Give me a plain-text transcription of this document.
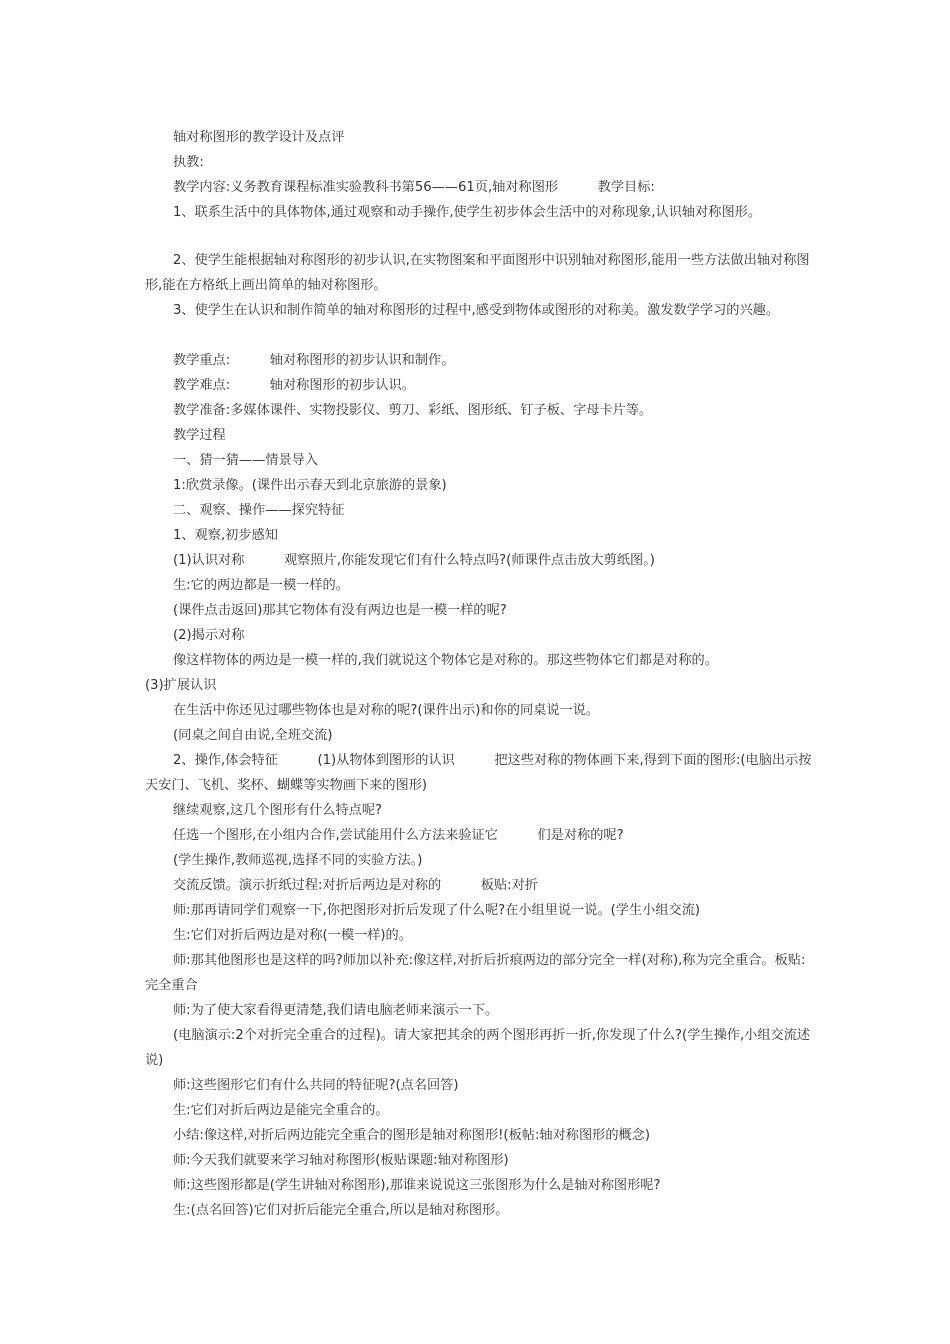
轴对称图形的教学设计及点评

执教:

教学内容:义务教育课程标准实验教科书第56——61页,轴对称图形　　　教学目标:

1、联系生活中的具体物体,通过观察和动手操作,使学生初步体会生活中的对称现象,认识轴对称图形。

2、使学生能根据轴对称图形的初步认识,在实物图案和平面图形中识别轴对称图形,能用一些方法做出轴对称图形,能在方格纸上画出简单的轴对称图形。

3、使学生在认识和制作简单的轴对称图形的过程中,感受到物体或图形的对称美。激发数学学习的兴趣。

教学重点:　　　轴对称图形的初步认识和制作。

教学难点:　　　轴对称图形的初步认识。

教学准备:多媒体课件、实物投影仪、剪刀、彩纸、图形纸、钉子板、字母卡片等。

教学过程

一、猜一猜——情景导入

1:欣赏录像。(课件出示春天到北京旅游的景象)

二、观察、操作——探究特征

1、观察,初步感知

(1)认识对称　　　观察照片,你能发现它们有什么特点吗?(师课件点击放大剪纸图。)

生:它的两边都是一模一样的。

(课件点击返回)那其它物体有没有两边也是一模一样的呢?

(2)揭示对称

像这样物体的两边是一模一样的,我们就说这个物体它是对称的。那这些物体它们都是对称的。

(3)扩展认识

在生活中你还见过哪些物体也是对称的呢?(课件出示)和你的同桌说一说。

(同桌之间自由说,全班交流)

2、操作,体会特征　　　(1)从物体到图形的认识　　　把这些对称的物体画下来,得到下面的图形:(电脑出示按天安门、飞机、奖杯、蝴蝶等实物画下来的图形)

继续观察,这几个图形有什么特点呢?

任选一个图形,在小组内合作,尝试能用什么方法来验证它　　　们是对称的呢?

(学生操作,教师巡视,选择不同的实验方法。)

交流反馈。演示折纸过程:对折后两边是对称的　　　板贴:对折

师:那再请同学们观察一下,你把图形对折后发现了什么呢?在小组里说一说。(学生小组交流)

生:它们对折后两边是对称(一模一样)的。

师:那其他图形也是这样的吗?师加以补充:像这样,对折后折痕两边的部分完全一样(对称),称为完全重合。板贴:完全重合

师:为了使大家看得更清楚,我们请电脑老师来演示一下。

(电脑演示:2个对折完全重合的过程)。请大家把其余的两个图形再折一折,你发现了什么?(学生操作,小组交流述说)

师:这些图形它们有什么共同的特征呢?(点名回答)

生:它们对折后两边是能完全重合的。

小结:像这样,对折后两边能完全重合的图形是轴对称图形!(板帖:轴对称图形的概念)

师:今天我们就要来学习轴对称图形(板贴课题:轴对称图形)

师:这些图形都是(学生讲轴对称图形),那谁来说说这三张图形为什么是轴对称图形呢?

生:(点名回答)它们对折后能完全重合,所以是轴对称图形。
